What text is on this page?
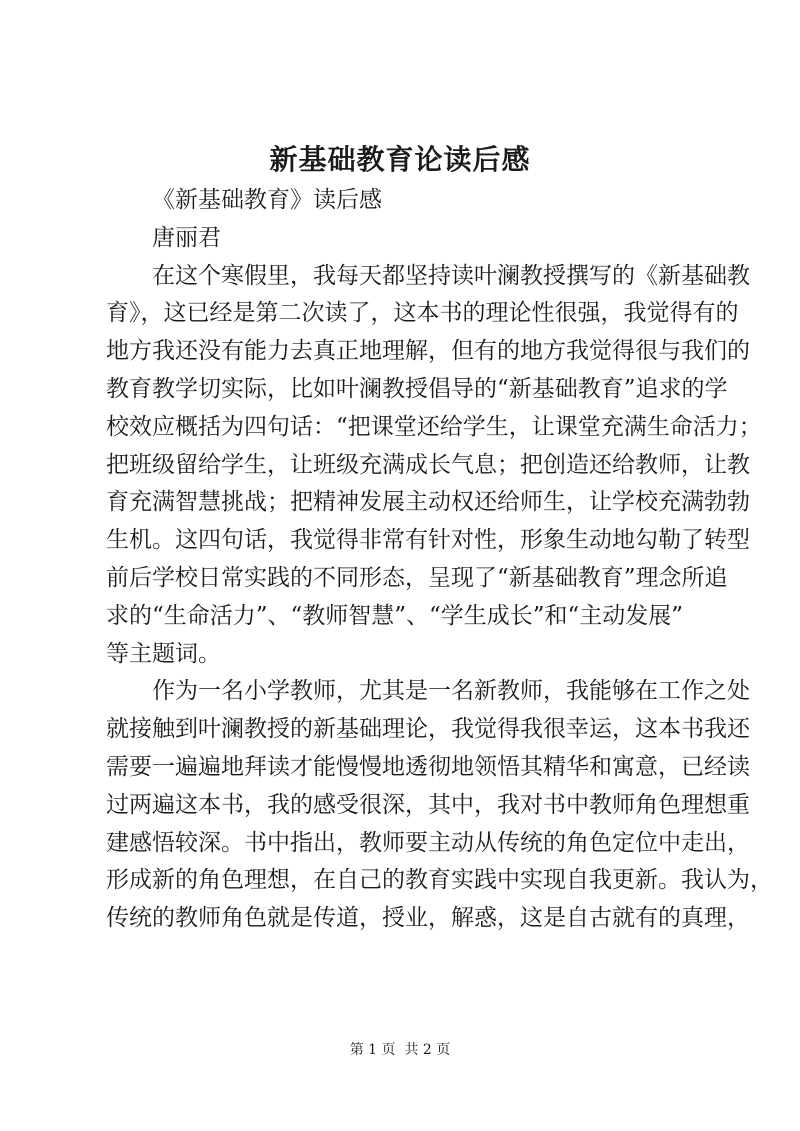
新基础教育论读后感
《新基础教育》读后感
唐丽君
在这个寒假里，我每天都坚持读叶澜教授撰写的《新基础教
育》，这已经是第二次读了，这本书的理论性很强，我觉得有的
地方我还没有能力去真正地理解，但有的地方我觉得很与我们的
教育教学切实际，比如叶澜教授倡导的“新基础教育”追求的学
校效应概括为四句话：“把课堂还给学生，让课堂充满生命活力；
把班级留给学生，让班级充满成长气息；把创造还给教师，让教
育充满智慧挑战；把精神发展主动权还给师生，让学校充满勃勃
生机。这四句话，我觉得非常有针对性，形象生动地勾勒了转型
前后学校日常实践的不同形态，呈现了“新基础教育”理念所追
求的“生命活力”、“教师智慧”、“学生成长”和“主动发展”
等主题词。
作为一名小学教师，尤其是一名新教师，我能够在工作之处
就接触到叶澜教授的新基础理论，我觉得我很幸运，这本书我还
需要一遍遍地拜读才能慢慢地透彻地领悟其精华和寓意，已经读
过两遍这本书，我的感受很深，其中，我对书中教师角色理想重
建感悟较深。书中指出，教师要主动从传统的角色定位中走出，
形成新的角色理想，在自己的教育实践中实现自我更新。我认为，
传统的教师角色就是传道，授业，解惑，这是自古就有的真理，
第 1 页 共 2 页
